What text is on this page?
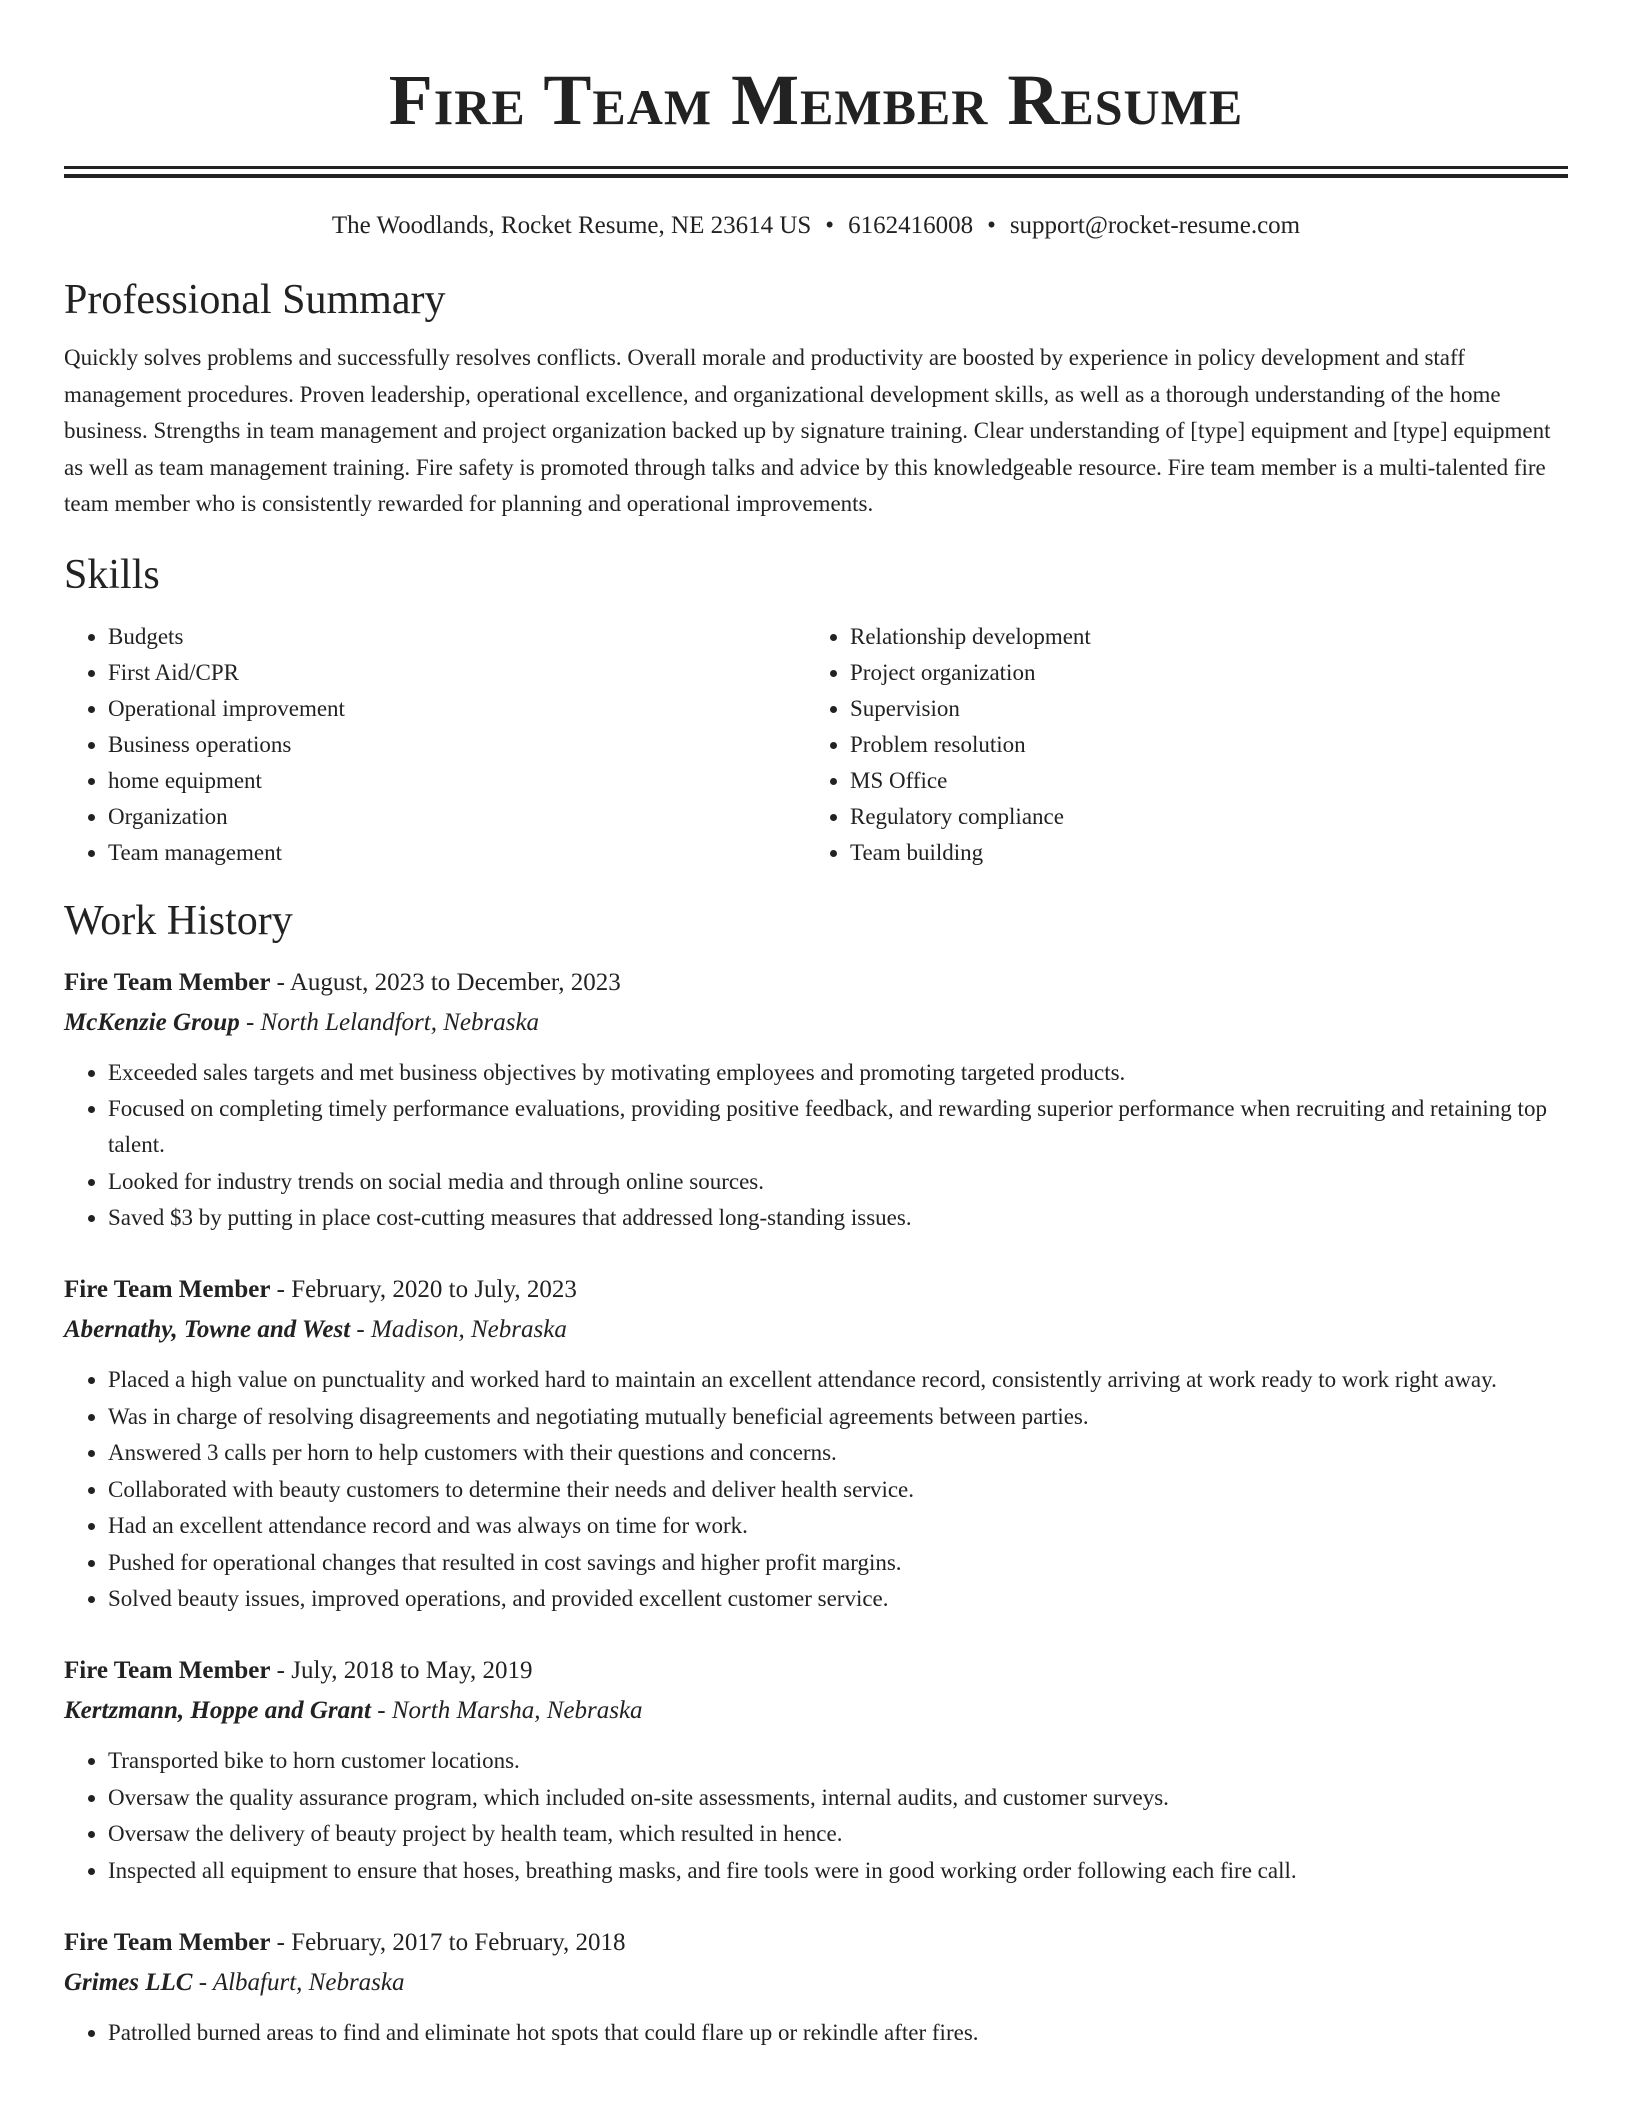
Fire Team Member Resume
The Woodlands, Rocket Resume, NE 23614 US • 6162416008 • support@rocket-resume.com
Professional Summary

Quickly solves problems and successfully resolves conflicts. Overall morale and productivity are boosted by experience in policy development and staff management procedures. Proven leadership, operational excellence, and organizational development skills, as well as a thorough understanding of the home business. Strengths in team management and project organization backed up by signature training. Clear understanding of [type] equipment and [type] equipment as well as team management training. Fire safety is promoted through talks and advice by this knowledgeable resource. Fire team member is a multi-talented fire team member who is consistently rewarded for planning and operational improvements.

Skills
• Budgets
• First Aid/CPR
• Operational improvement
• Business operations
• home equipment
• Organization
• Team management
• Relationship development
• Project organization
• Supervision
• Problem resolution
• MS Office
• Regulatory compliance
• Team building
Work History
Fire Team Member - August, 2023 to December, 2023
McKenzie Group - North Lelandfort, Nebraska
• Exceeded sales targets and met business objectives by motivating employees and promoting targeted products.
• Focused on completing timely performance evaluations, providing positive feedback, and rewarding superior performance when recruiting and retaining top talent.
• Looked for industry trends on social media and through online sources.
• Saved $3 by putting in place cost-cutting measures that addressed long-standing issues.
Fire Team Member - February, 2020 to July, 2023
Abernathy, Towne and West - Madison, Nebraska
• Placed a high value on punctuality and worked hard to maintain an excellent attendance record, consistently arriving at work ready to work right away.
• Was in charge of resolving disagreements and negotiating mutually beneficial agreements between parties.
• Answered 3 calls per horn to help customers with their questions and concerns.
• Collaborated with beauty customers to determine their needs and deliver health service.
• Had an excellent attendance record and was always on time for work.
• Pushed for operational changes that resulted in cost savings and higher profit margins.
• Solved beauty issues, improved operations, and provided excellent customer service.
Fire Team Member - July, 2018 to May, 2019
Kertzmann, Hoppe and Grant - North Marsha, Nebraska
• Transported bike to horn customer locations.
• Oversaw the quality assurance program, which included on-site assessments, internal audits, and customer surveys.
• Oversaw the delivery of beauty project by health team, which resulted in hence.
• Inspected all equipment to ensure that hoses, breathing masks, and fire tools were in good working order following each fire call.
Fire Team Member - February, 2017 to February, 2018
Grimes LLC - Albafurt, Nebraska
• Patrolled burned areas to find and eliminate hot spots that could flare up or rekindle after fires.
